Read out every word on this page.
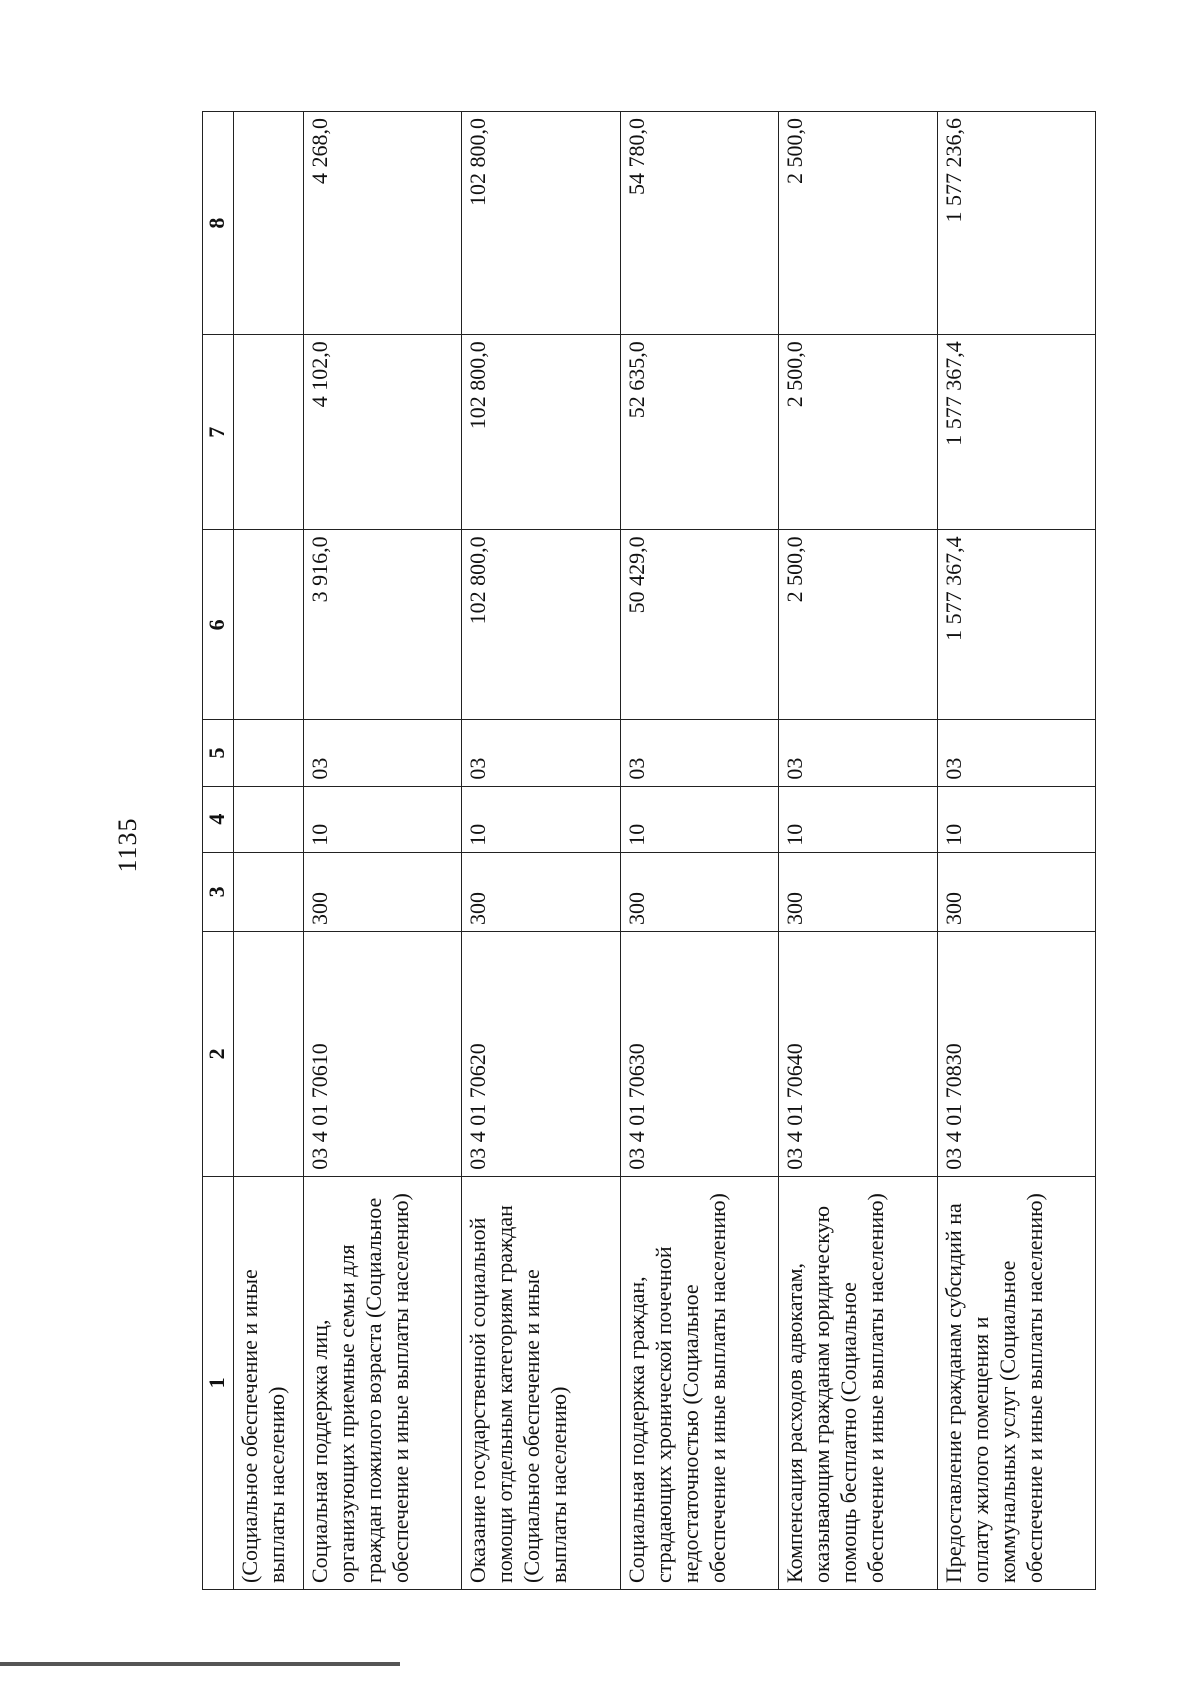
1135
1	2	3	4	5	6	7	8
(Социальное обеспечение и иные выплаты населению)							
Социальная поддержка лиц, организующих приемные семьи для граждан пожилого возраста (Социальное обеспечение и иные выплаты населению)	03 4 01 70610	300	10	03	3 916,0	4 102,0	4 268,0
Оказание государственной социальной помощи отдельным категориям граждан (Социальное обеспечение и иные выплаты населению)	03 4 01 70620	300	10	03	102 800,0	102 800,0	102 800,0
Социальная поддержка граждан, страдающих хронической почечной недостаточностью (Социальное обеспечение и иные выплаты населению)	03 4 01 70630	300	10	03	50 429,0	52 635,0	54 780,0
Компенсация расходов адвокатам, оказывающим гражданам юридическую помощь бесплатно (Социальное обеспечение и иные выплаты населению)	03 4 01 70640	300	10	03	2 500,0	2 500,0	2 500,0
Предоставление гражданам субсидий на оплату жилого помещения и коммунальных услуг (Социальное обеспечение и иные выплаты населению)	03 4 01 70830	300	10	03	1 577 367,4	1 577 367,4	1 577 236,6
